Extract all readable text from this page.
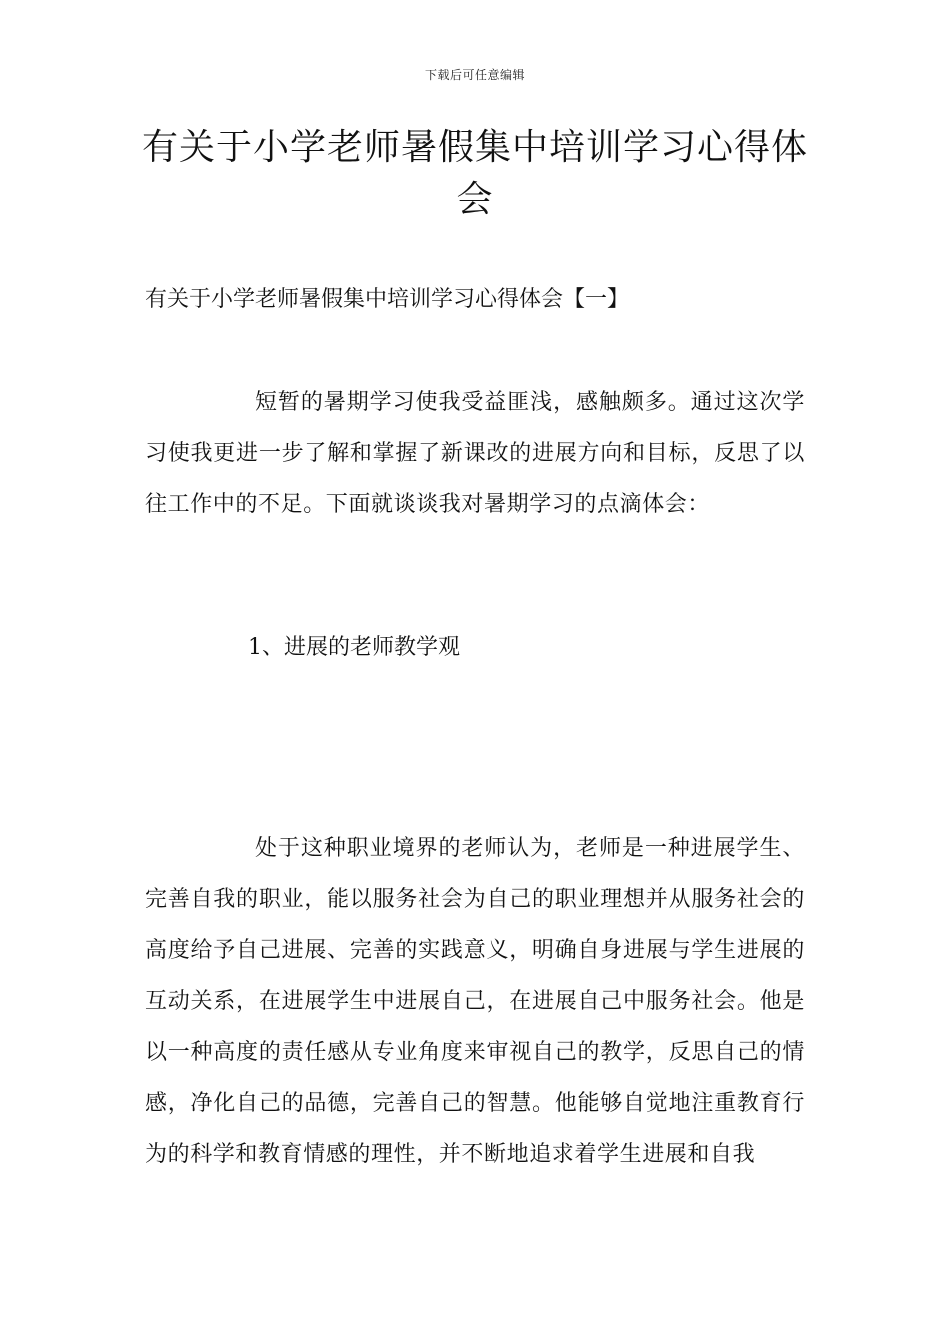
下载后可任意编辑
有关于小学老师暑假集中培训学习心得体会
有关于小学老师暑假集中培训学习心得体会【一】

短暂的暑期学习使我受益匪浅，感触颇多。通过这次学习使我更进一步了解和掌握了新课改的进展方向和目标，反思了以往工作中的不足。下面就谈谈我对暑期学习的点滴体会：

1、进展的老师教学观

处于这种职业境界的老师认为，老师是一种进展学生、完善自我的职业，能以服务社会为自己的职业理想并从服务社会的高度给予自己进展、完善的实践意义，明确自身进展与学生进展的互动关系，在进展学生中进展自己，在进展自己中服务社会。他是以一种高度的责任感从专业角度来审视自己的教学，反思自己的情感，净化自己的品德，完善自己的智慧。他能够自觉地注重教育行为的科学和教育情感的理性，并不断地追求着学生进展和自我
